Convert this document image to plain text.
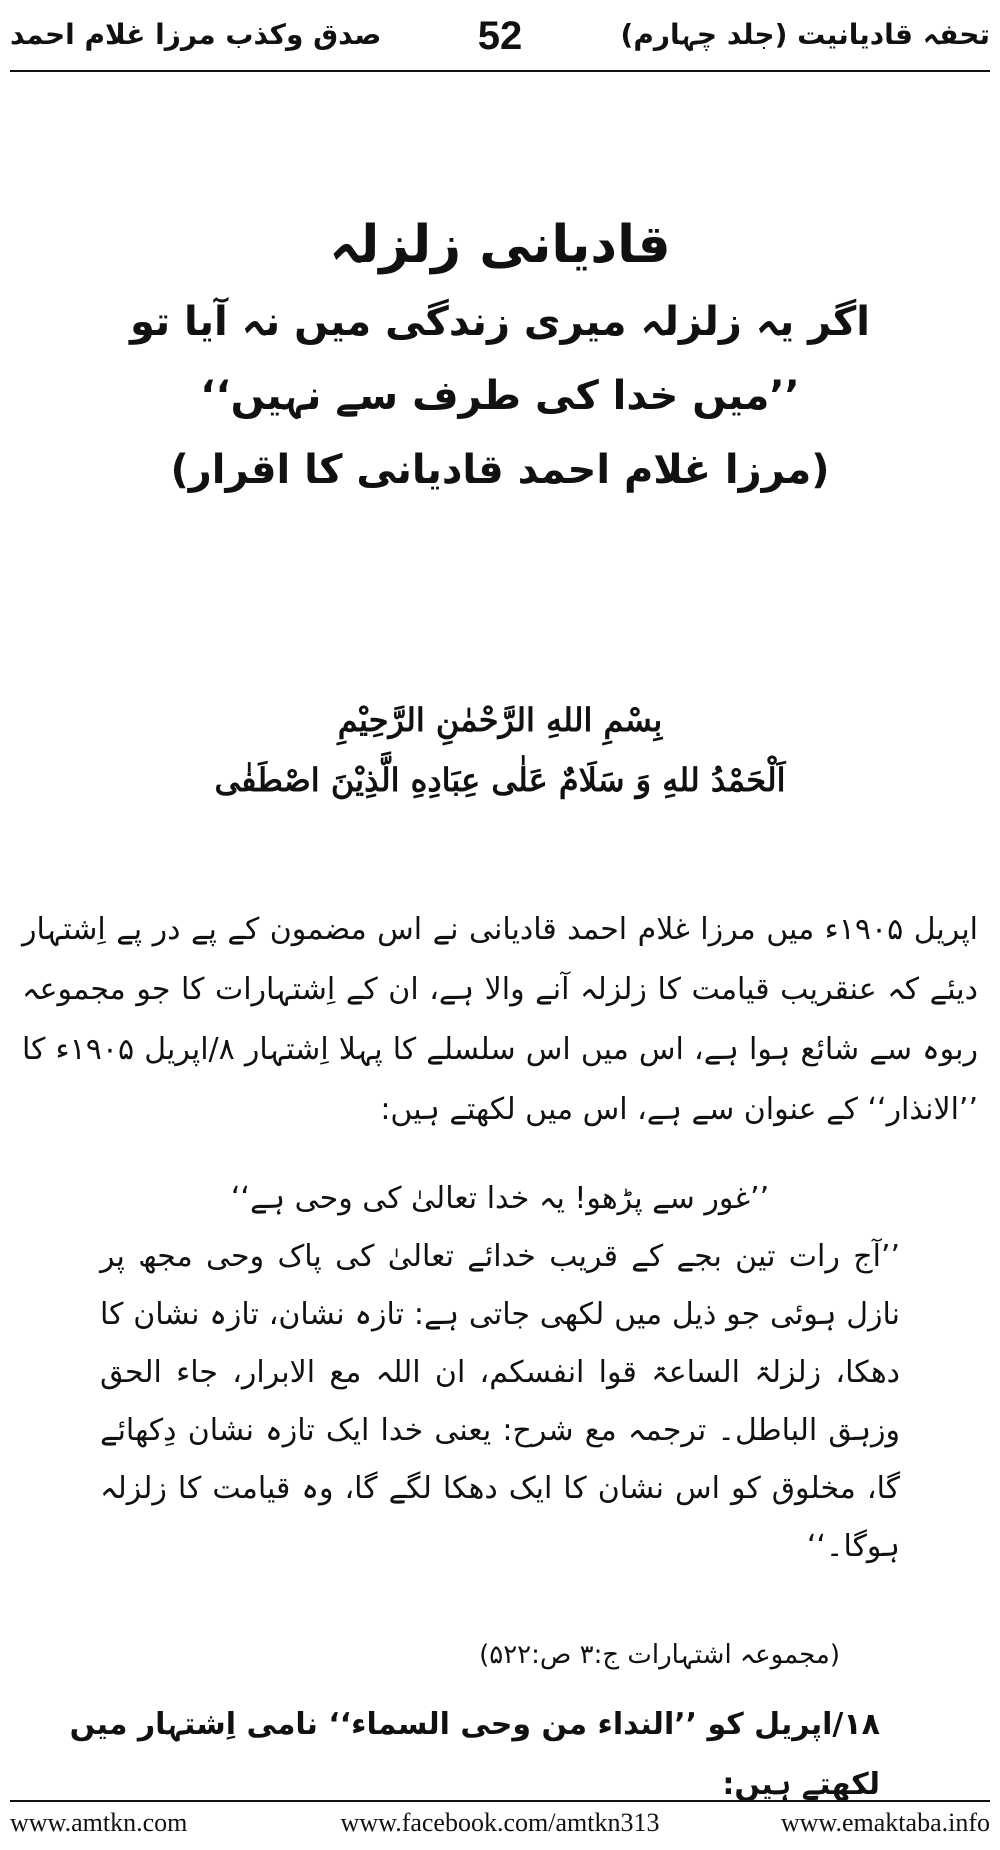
تحفہ قادیانیت (جلد چہارم)
52
صدق وکذب مرزا غلام احمد

قادیانی زلزلہ

اگر یہ زلزلہ میری زندگی میں نہ آیا تو

’’میں خدا کی طرف سے نہیں‘‘

(مرزا غلام احمد قادیانی کا اقرار)

بِسْمِ اللهِ الرَّحْمٰنِ الرَّحِیْمِ

اَلْحَمْدُ للهِ وَ سَلَامٌ عَلٰی عِبَادِهِ الَّذِیْنَ اصْطَفٰی

اپریل ۱۹۰۵ء میں مرزا غلام احمد قادیانی نے اس مضمون کے پے در پے اِشتہار دیئے کہ عنقریب قیامت کا زلزلہ آنے والا ہے، ان کے اِشتہارات کا جو مجموعہ ربوہ سے شائع ہوا ہے، اس میں اس سلسلے کا پہلا اِشتہار ۸/اپریل ۱۹۰۵ء کا ’’الانذار‘‘ کے عنوان سے ہے، اس میں لکھتے ہیں:

’’غور سے پڑھو! یہ خدا تعالیٰ کی وحی ہے‘‘

’’آج رات تین بجے کے قریب خدائے تعالیٰ کی پاک وحی مجھ پر نازل ہوئی جو ذیل میں لکھی جاتی ہے: تازہ نشان، تازہ نشان کا دھکا، زلزلۃ الساعۃ قوا انفسکم، ان اللہ مع الابرار، جاء الحق وزہق الباطل۔ ترجمہ مع شرح: یعنی خدا ایک تازہ نشان دِکھائے گا، مخلوق کو اس نشان کا ایک دھکا لگے گا، وہ قیامت کا زلزلہ ہوگا۔‘‘

(مجموعہ اشتہارات ج:۳ ص:۵۲۲)
۱۸/اپریل کو ’’النداء من وحی السماء‘‘ نامی اِشتہار میں لکھتے ہیں:
www.amtkn.com	www.facebook.com/amtkn313	www.emaktaba.info
